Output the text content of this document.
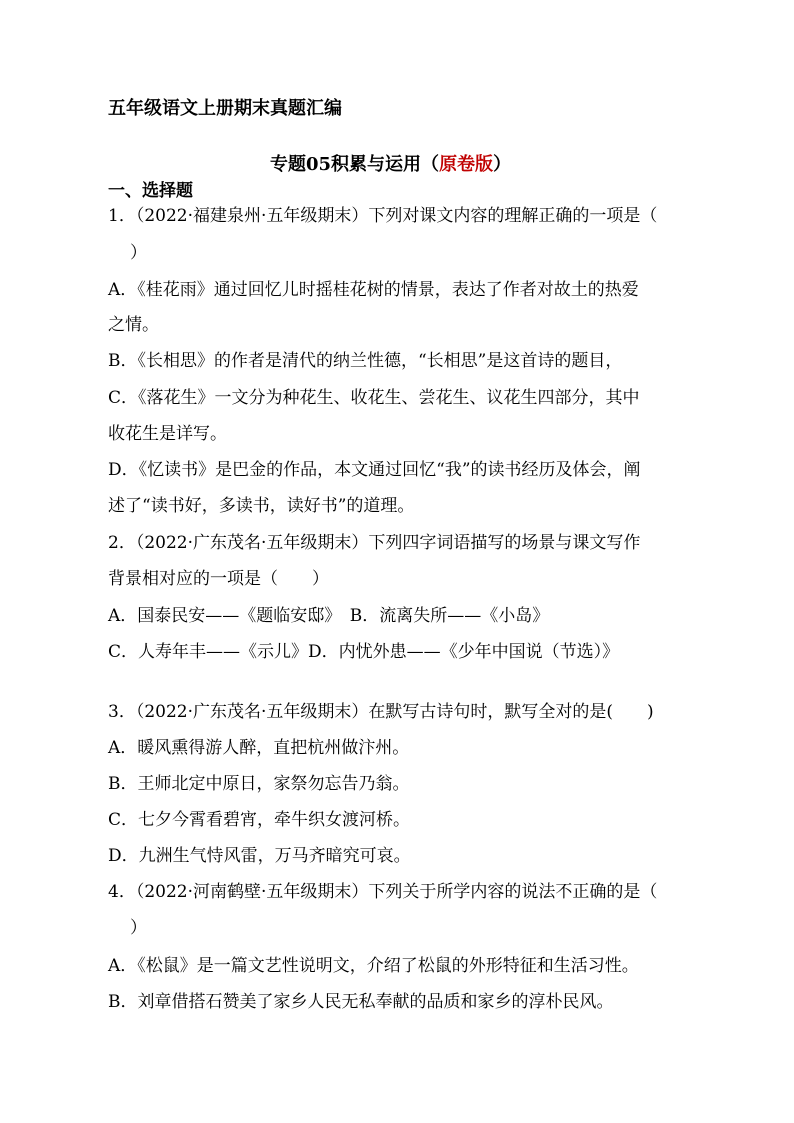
五年级语文上册期末真题汇编
专题05积累与运用（原卷版）
一、选择题
1．（2022·福建泉州·五年级期末）下列对课文内容的理解正确的一项是（
）
A．《桂花雨》通过回忆儿时摇桂花树的情景，表达了作者对故土的热爱
之情。
B．《长相思》的作者是清代的纳兰性德，“长相思”是这首诗的题目，
C．《落花生》一文分为种花生、收花生、尝花生、议花生四部分，其中
收花生是详写。
D．《忆读书》是巴金的作品，本文通过回忆“我”的读书经历及体会，阐
述了“读书好，多读书，读好书”的道理。
2．（2022·广东茂名·五年级期末）下列四字词语描写的场景与课文写作
背景相对应的一项是（　　）
A．国泰民安——《题临安邸》　B．流离失所——《小岛》
C．人寿年丰——《示儿》D．内忧外患——《少年中国说（节选）》
3．（2022·广东茂名·五年级期末）在默写古诗句时，默写全对的是(　　)
A．暖风熏得游人醉，直把杭州做汴州。
B．王师北定中原日，家祭勿忘告乃翁。
C．七夕今霄看碧宵，牵牛织女渡河桥。
D．九洲生气恃风雷，万马齐暗究可哀。
4．（2022·河南鹤壁·五年级期末）下列关于所学内容的说法不正确的是（
）
A．《松鼠》是一篇文艺性说明文，介绍了松鼠的外形特征和生活习性。
B．刘章借搭石赞美了家乡人民无私奉献的品质和家乡的淳朴民风。
